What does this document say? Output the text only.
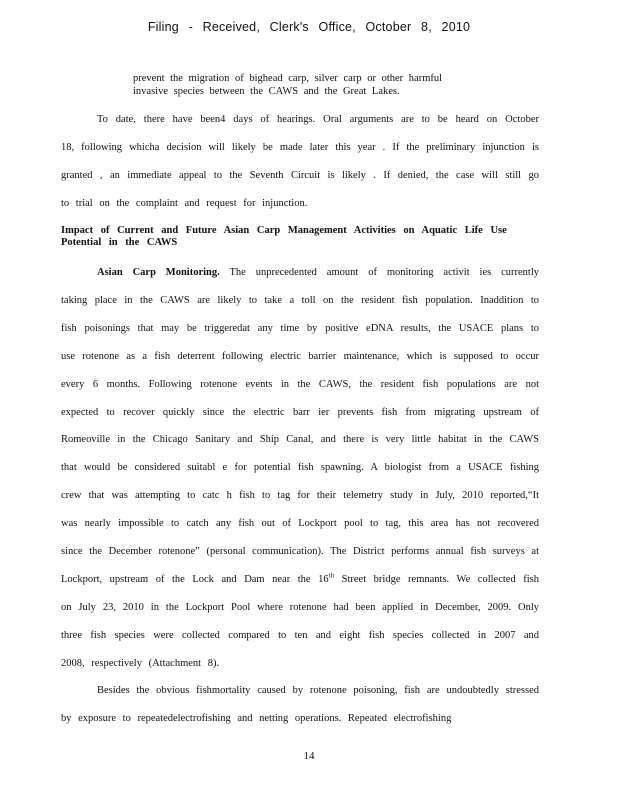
Filing - Received, Clerk's Office, October 8, 2010
prevent the migration of bighead carp, silver carp or other harmful invasive species between the CAWS and the Great Lakes.

To date, there have been4 days of hearings. Oral arguments are to be heard on October 18, following whicha decision will likely be made later this year . If the preliminary injunction is granted , an immediate appeal to the Seventh Circuit is likely . If denied, the case will still go to trial on the complaint and request for injunction.

Impact of Current and Future Asian Carp Management Activities on Aquatic Life Use Potential in the CAWS

Asian Carp Monitoring. The unprecedented amount of monitoring activit ies currently taking place in the CAWS are likely to take a toll on the resident fish population. Inaddition to fish poisonings that may be triggeredat any time by positive eDNA results, the USACE plans to use rotenone as a fish deterrent following electric barrier maintenance, which is supposed to occur every 6 months. Following rotenone events in the CAWS, the resident fish populations are not expected to recover quickly since the electric barr ier prevents fish from migrating upstream of Romeoville in the Chicago Sanitary and Ship Canal, and there is very little habitat in the CAWS that would be considered suitabl e for potential fish spawning. A biologist from a USACE fishing crew that was attempting to catc h fish to tag for their telemetry study in July, 2010 reported,“It was nearly impossible to catch any fish out of Lockport pool to tag, this area has not recovered since the December rotenone” (personal communication). The District performs annual fish surveys at Lockport, upstream of the Lock and Dam near the 16th Street bridge remnants. We collected fish on July 23, 2010 in the Lockport Pool where rotenone had been applied in December, 2009. Only three fish species were collected compared to ten and eight fish species collected in 2007 and 2008, respectively (Attachment 8).

Besides the obvious fishmortality caused by rotenone poisoning, fish are undoubtedly stressed by exposure to repeatedelectrofishing and netting operations. Repeated electrofishing

14
